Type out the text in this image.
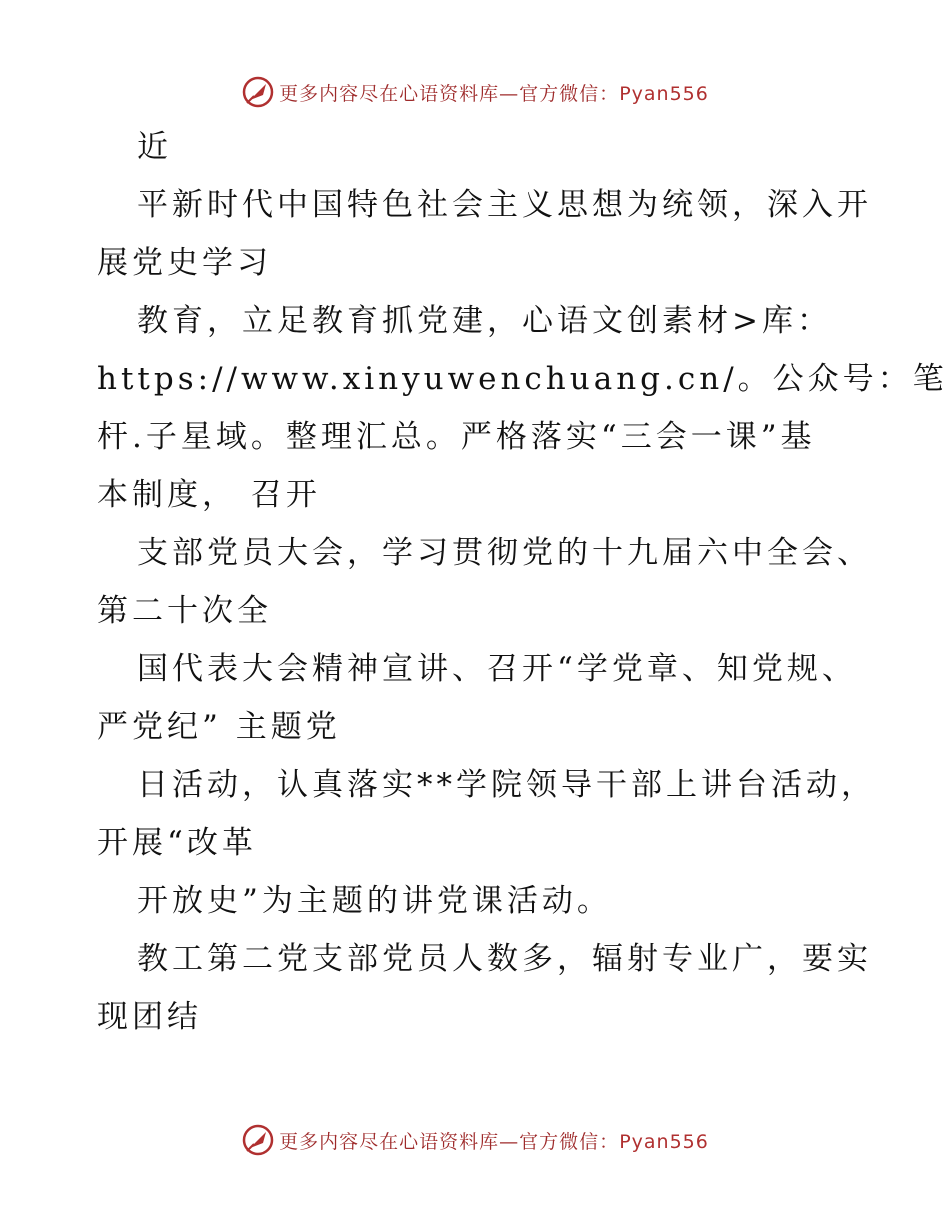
更多内容尽在心语资料库—官方微信：Pyan556

近

平新时代中国特色社会主义思想为统领，深入开

展党史学习

教育，立足教育抓党建，心语文创素材>库：

https://www.xinyuwenchuang.cn/。公众号：笔

杆.子星域。整理汇总。严格落实“三会一课”基

本制度， 召开

支部党员大会，学习贯彻党的十九届六中全会、

第二十次全

国代表大会精神宣讲、召开“学党章、知党规、

严党纪” 主题党

日活动，认真落实**学院领导干部上讲台活动，

开展“改革

开放史”为主题的讲党课活动。

教工第二党支部党员人数多，辐射专业广，要实

现团结

更多内容尽在心语资料库—官方微信：Pyan556
